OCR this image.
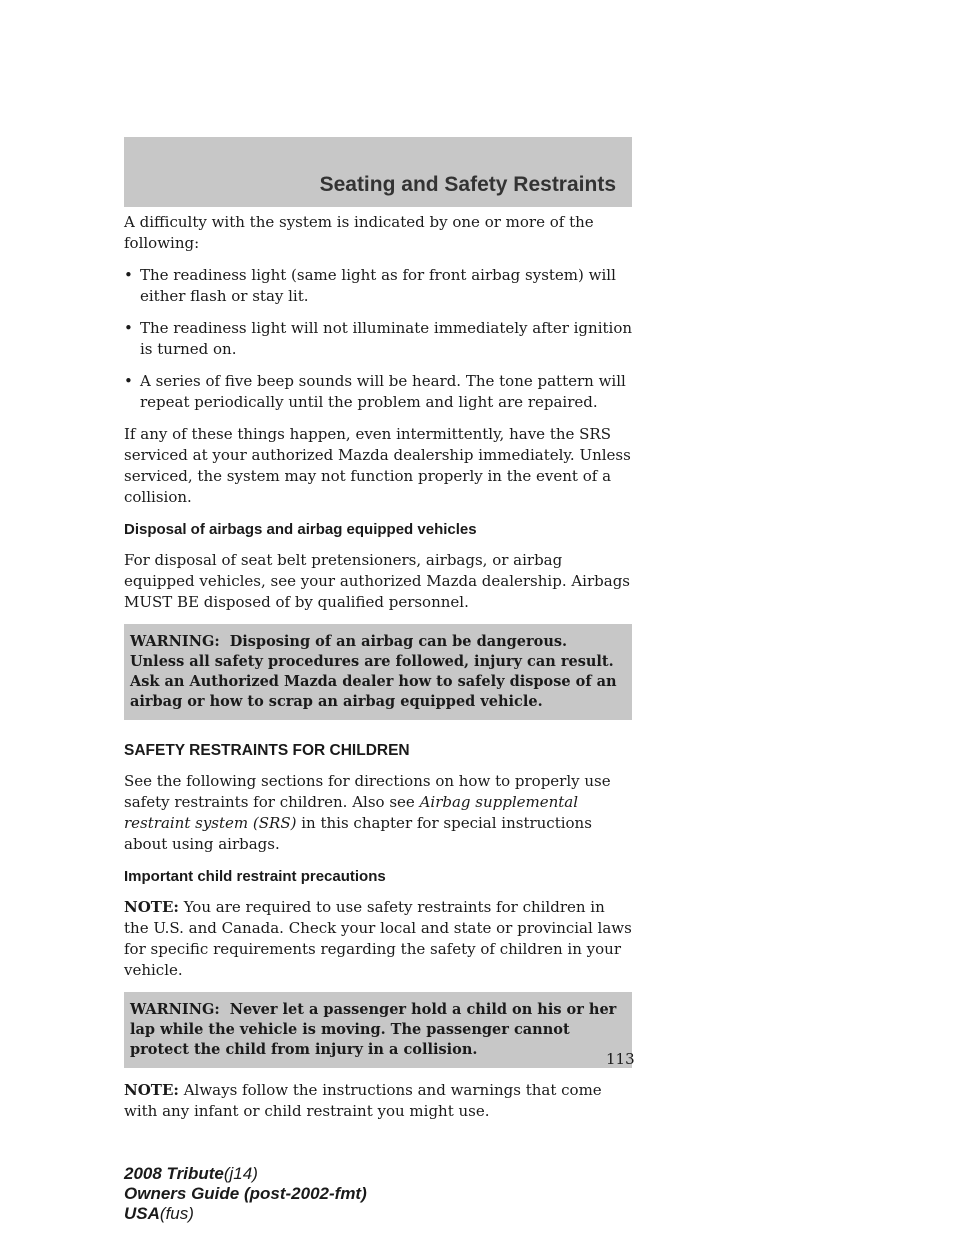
Seating and Safety Restraints

A difficulty with the system is indicated by one or more of the following:

• The readiness light (same light as for front airbag system) will either flash or stay lit.
• The readiness light will not illuminate immediately after ignition is turned on.
• A series of five beep sounds will be heard. The tone pattern will repeat periodically until the problem and light are repaired.

If any of these things happen, even intermittently, have the SRS serviced at your authorized Mazda dealership immediately. Unless serviced, the system may not function properly in the event of a collision.

Disposal of airbags and airbag equipped vehicles

For disposal of seat belt pretensioners, airbags, or airbag equipped vehicles, see your authorized Mazda dealership. Airbags MUST BE disposed of by qualified personnel.

WARNING: Disposing of an airbag can be dangerous. Unless all safety procedures are followed, injury can result. Ask an Authorized Mazda dealer how to safely dispose of an airbag or how to scrap an airbag equipped vehicle.
SAFETY RESTRAINTS FOR CHILDREN

See the following sections for directions on how to properly use safety restraints for children. Also see Airbag supplemental restraint system (SRS) in this chapter for special instructions about using airbags.

Important child restraint precautions

NOTE: You are required to use safety restraints for children in the U.S. and Canada. Check your local and state or provincial laws for specific requirements regarding the safety of children in your vehicle.

WARNING: Never let a passenger hold a child on his or her lap while the vehicle is moving. The passenger cannot protect the child from injury in a collision.

NOTE: Always follow the instructions and warnings that come with any infant or child restraint you might use.

113
2008 Tribute(j14)
Owners Guide (post-2002-fmt)
USA(fus)
